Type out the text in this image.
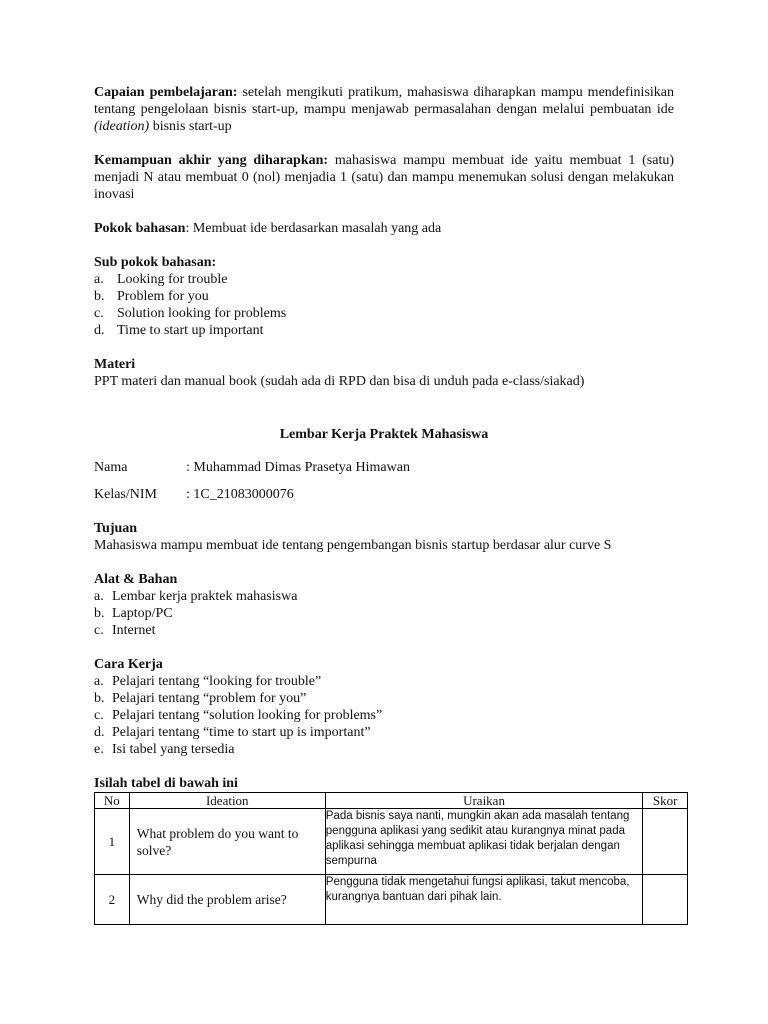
Capaian pembelajaran: setelah mengikuti pratikum, mahasiswa diharapkan mampu mendefinisikan tentang pengelolaan bisnis start-up, mampu menjawab permasalahan dengan melalui pembuatan ide (ideation) bisnis start-up

Kemampuan akhir yang diharapkan: mahasiswa mampu membuat ide yaitu membuat 1 (satu) menjadi N atau membuat 0 (nol) menjadia 1 (satu) dan mampu menemukan solusi dengan melakukan inovasi

Pokok bahasan: Membuat ide berdasarkan masalah yang ada

Sub pokok bahasan:

a. Looking for trouble
b. Problem for you
c. Solution looking for problems
d. Time to start up important

Materi

PPT materi dan manual book (sudah ada di RPD dan bisa di unduh pada e-class/siakad)

Lembar Kerja Praktek Mahasiswa

Nama	: Muhammad Dimas Prasetya Himawan
Kelas/NIM	: 1C_21083000076

Tujuan

Mahasiswa mampu membuat ide tentang pengembangan bisnis startup berdasar alur curve S

Alat & Bahan

a. Lembar kerja praktek mahasiswa
b. Laptop/PC
c. Internet

Cara Kerja

a. Pelajari tentang “looking for trouble”
b. Pelajari tentang “problem for you”
c. Pelajari tentang “solution looking for problems”
d. Pelajari tentang “time to start up is important”
e. Isi tabel yang tersedia

Isilah tabel di bawah ini

No	Ideation	Uraikan	Skor
1	What problem do you want to solve?	Pada bisnis saya nanti, mungkin akan ada masalah tentang pengguna aplikasi yang sedikit atau kurangnya minat pada aplikasi sehingga membuat aplikasi tidak berjalan dengan sempurna	
2	Why did the problem arise?	Pengguna tidak mengetahui fungsi aplikasi, takut mencoba, kurangnya bantuan dari pihak lain.	
